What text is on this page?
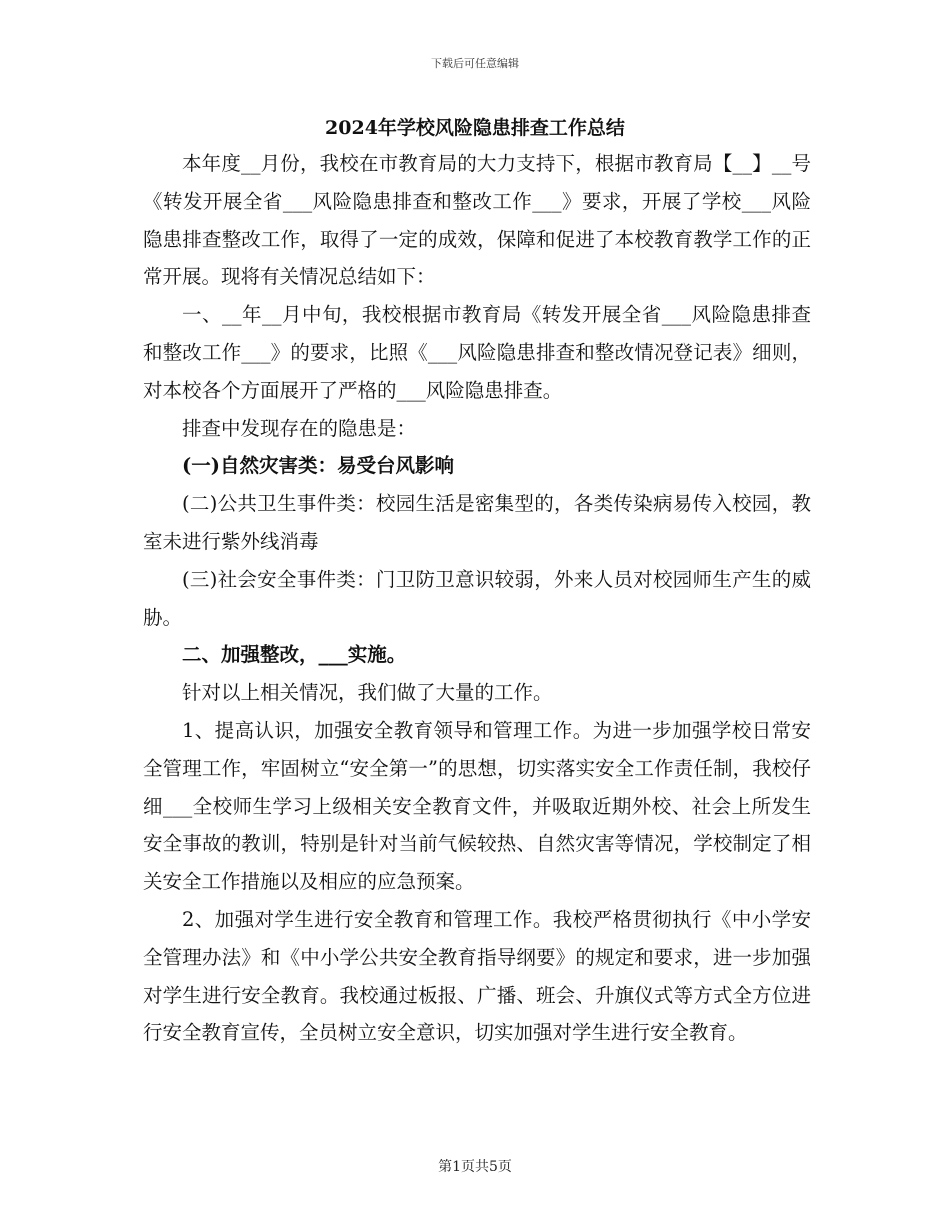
下载后可任意编辑
2024年学校风险隐患排查工作总结

本年度__月份，我校在市教育局的大力支持下，根据市教育局【__】__号《转发开展全省___风险隐患排查和整改工作___》要求，开展了学校___风险隐患排查整改工作，取得了一定的成效，保障和促进了本校教育教学工作的正常开展。现将有关情况总结如下：

一、__年__月中旬，我校根据市教育局《转发开展全省___风险隐患排查和整改工作___》的要求，比照《___风险隐患排查和整改情况登记表》细则，对本校各个方面展开了严格的___风险隐患排查。

排查中发现存在的隐患是：

(一)自然灾害类：易受台风影响

(二)公共卫生事件类：校园生活是密集型的，各类传染病易传入校园，教室未进行紫外线消毒

(三)社会安全事件类：门卫防卫意识较弱，外来人员对校园师生产生的威胁。

二、加强整改，___实施。

针对以上相关情况，我们做了大量的工作。

1、提高认识，加强安全教育领导和管理工作。为进一步加强学校日常安全管理工作，牢固树立“安全第一”的思想，切实落实安全工作责任制，我校仔细___全校师生学习上级相关安全教育文件，并吸取近期外校、社会上所发生安全事故的教训，特别是针对当前气候较热、自然灾害等情况，学校制定了相关安全工作措施以及相应的应急预案。

2、加强对学生进行安全教育和管理工作。我校严格贯彻执行《中小学安全管理办法》和《中小学公共安全教育指导纲要》的规定和要求，进一步加强对学生进行安全教育。我校通过板报、广播、班会、升旗仪式等方式全方位进行安全教育宣传，全员树立安全意识，切实加强对学生进行安全教育。

第1页共5页
